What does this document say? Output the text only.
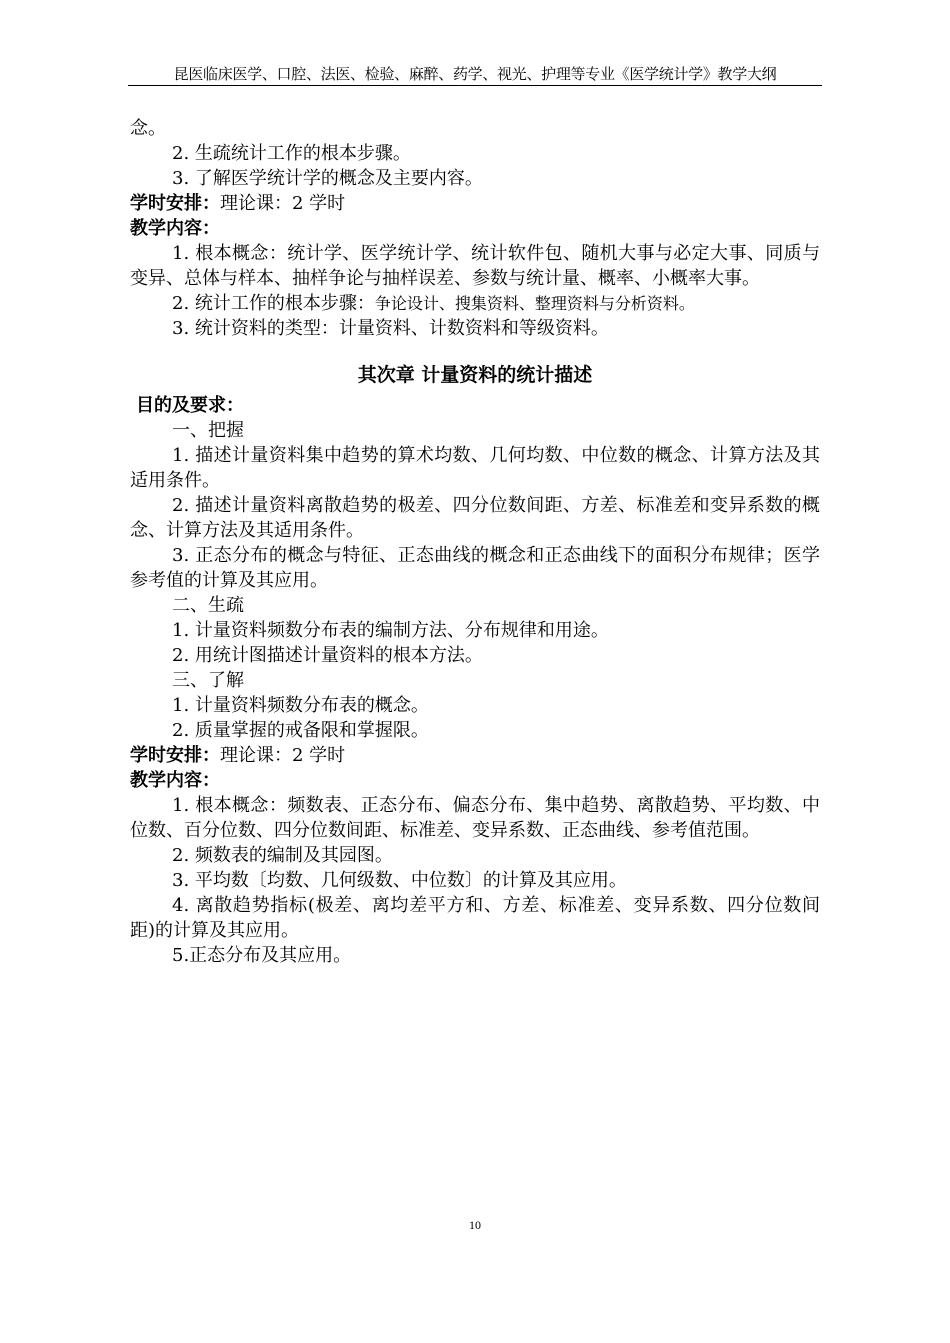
昆医临床医学、口腔、法医、检验、麻醉、药学、视光、护理等专业《医学统计学》教学大纲

念。

2. 生疏统计工作的根本步骤。

3. 了解医学统计学的概念及主要内容。

学时安排：理论课：2 学时

教学内容：

1. 根本概念：统计学、医学统计学、统计软件包、随机大事与必定大事、同质与变异、总体与样本、抽样争论与抽样误差、参数与统计量、概率、小概率大事。

2. 统计工作的根本步骤：争论设计、搜集资料、整理资料与分析资料。

3. 统计资料的类型：计量资料、计数资料和等级资料。

其次章 计量资料的统计描述

目的及要求：

一、把握

1. 描述计量资料集中趋势的算术均数、几何均数、中位数的概念、计算方法及其适用条件。

2. 描述计量资料离散趋势的极差、四分位数间距、方差、标准差和变异系数的概念、计算方法及其适用条件。

3. 正态分布的概念与特征、正态曲线的概念和正态曲线下的面积分布规律；医学参考值的计算及其应用。

二、生疏

1. 计量资料频数分布表的编制方法、分布规律和用途。

2. 用统计图描述计量资料的根本方法。

三、了解

1. 计量资料频数分布表的概念。

2. 质量掌握的戒备限和掌握限。

学时安排：理论课：2 学时

教学内容：

1. 根本概念：频数表、正态分布、偏态分布、集中趋势、离散趋势、平均数、中位数、百分位数、四分位数间距、标准差、变异系数、正态曲线、参考值范围。

2. 频数表的编制及其园图。

3. 平均数〔均数、几何级数、中位数〕的计算及其应用。

4. 离散趋势指标(极差、离均差平方和、方差、标准差、变异系数、四分位数间距)的计算及其应用。

5.正态分布及其应用。

10
